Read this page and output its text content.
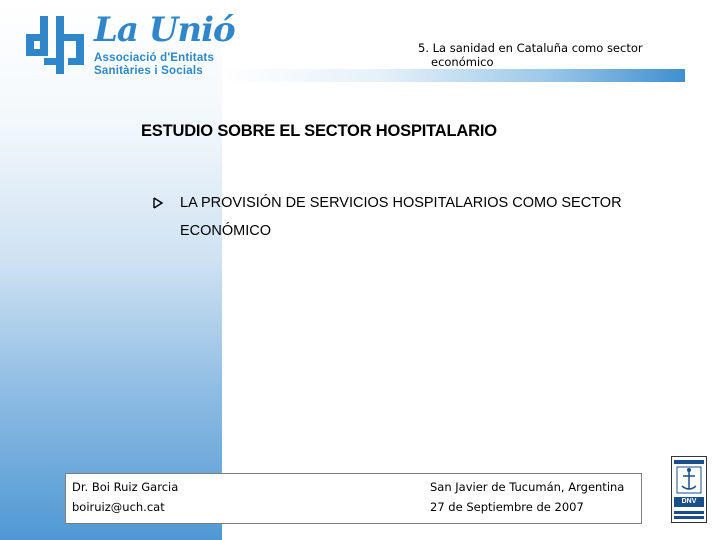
La Unió
Associació d'Entitats
Sanitàries i Socials
5. La sanidad en Cataluña como sector
económico
ESTUDIO SOBRE EL SECTOR HOSPITALARIO
LA PROVISIÓN DE SERVICIOS HOSPITALARIOS COMO SECTOR ECONÓMICO
Dr. Boi Ruiz Garcia
boiruiz@uch.cat
San Javier de Tucumán, Argentina
27 de Septiembre de 2007	DNV
